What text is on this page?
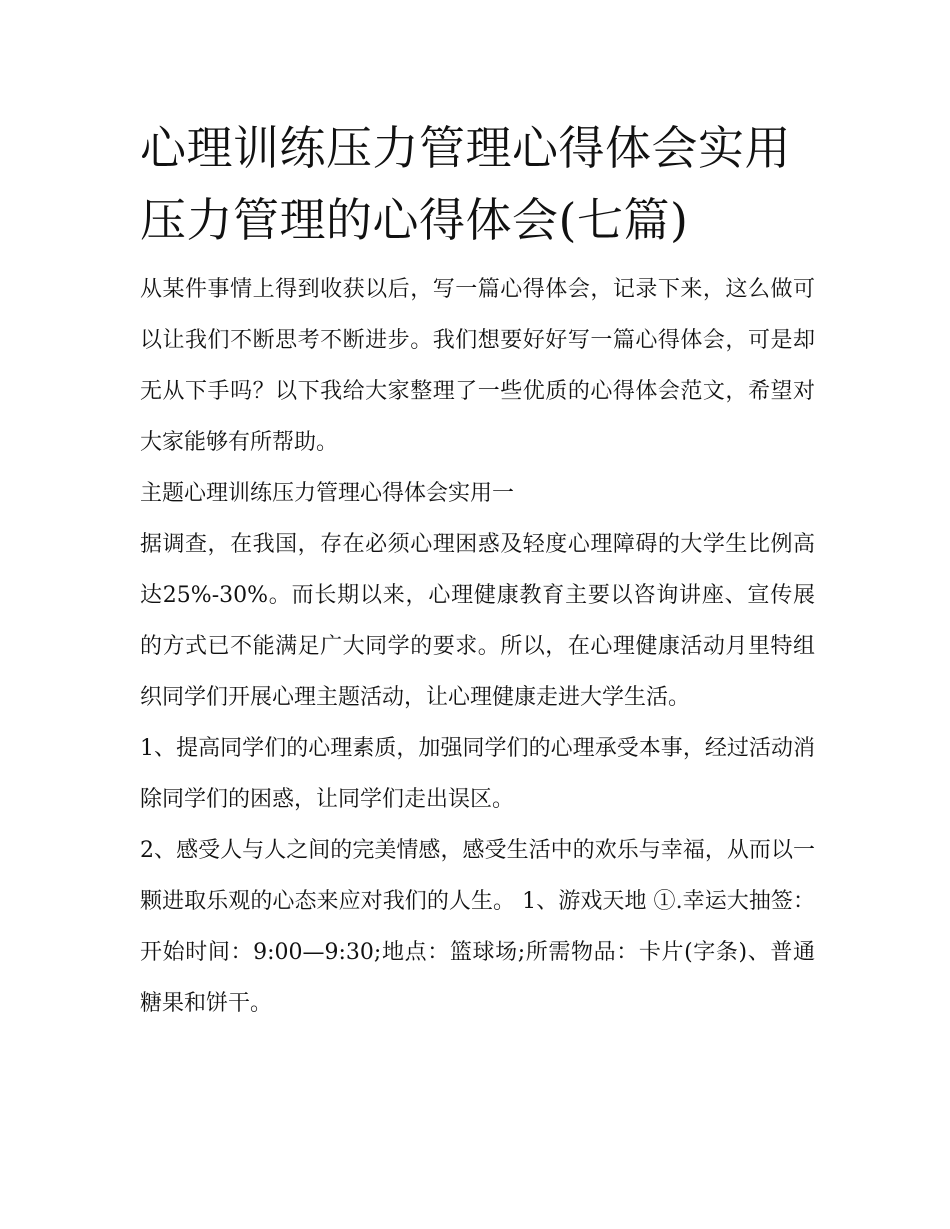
心理训练压力管理心得体会实用 压力管理的心得体会(七篇)

从某件事情上得到收获以后，写一篇心得体会，记录下来，这么做可以让我们不断思考不断进步。我们想要好好写一篇心得体会，可是却无从下手吗？以下我给大家整理了一些优质的心得体会范文，希望对大家能够有所帮助。

主题心理训练压力管理心得体会实用一

据调查，在我国，存在必须心理困惑及轻度心理障碍的大学生比例高达25%-30%。而长期以来，心理健康教育主要以咨询讲座、宣传展的方式已不能满足广大同学的要求。所以，在心理健康活动月里特组织同学们开展心理主题活动，让心理健康走进大学生活。

1、提高同学们的心理素质，加强同学们的心理承受本事，经过活动消除同学们的困惑，让同学们走出误区。

2、感受人与人之间的完美情感，感受生活中的欢乐与幸福，从而以一颗进取乐观的心态来应对我们的人生。 1、游戏天地 ①.幸运大抽签：开始时间：9:00—9:30;地点：篮球场;所需物品：卡片(字条)、普通糖果和饼干。
